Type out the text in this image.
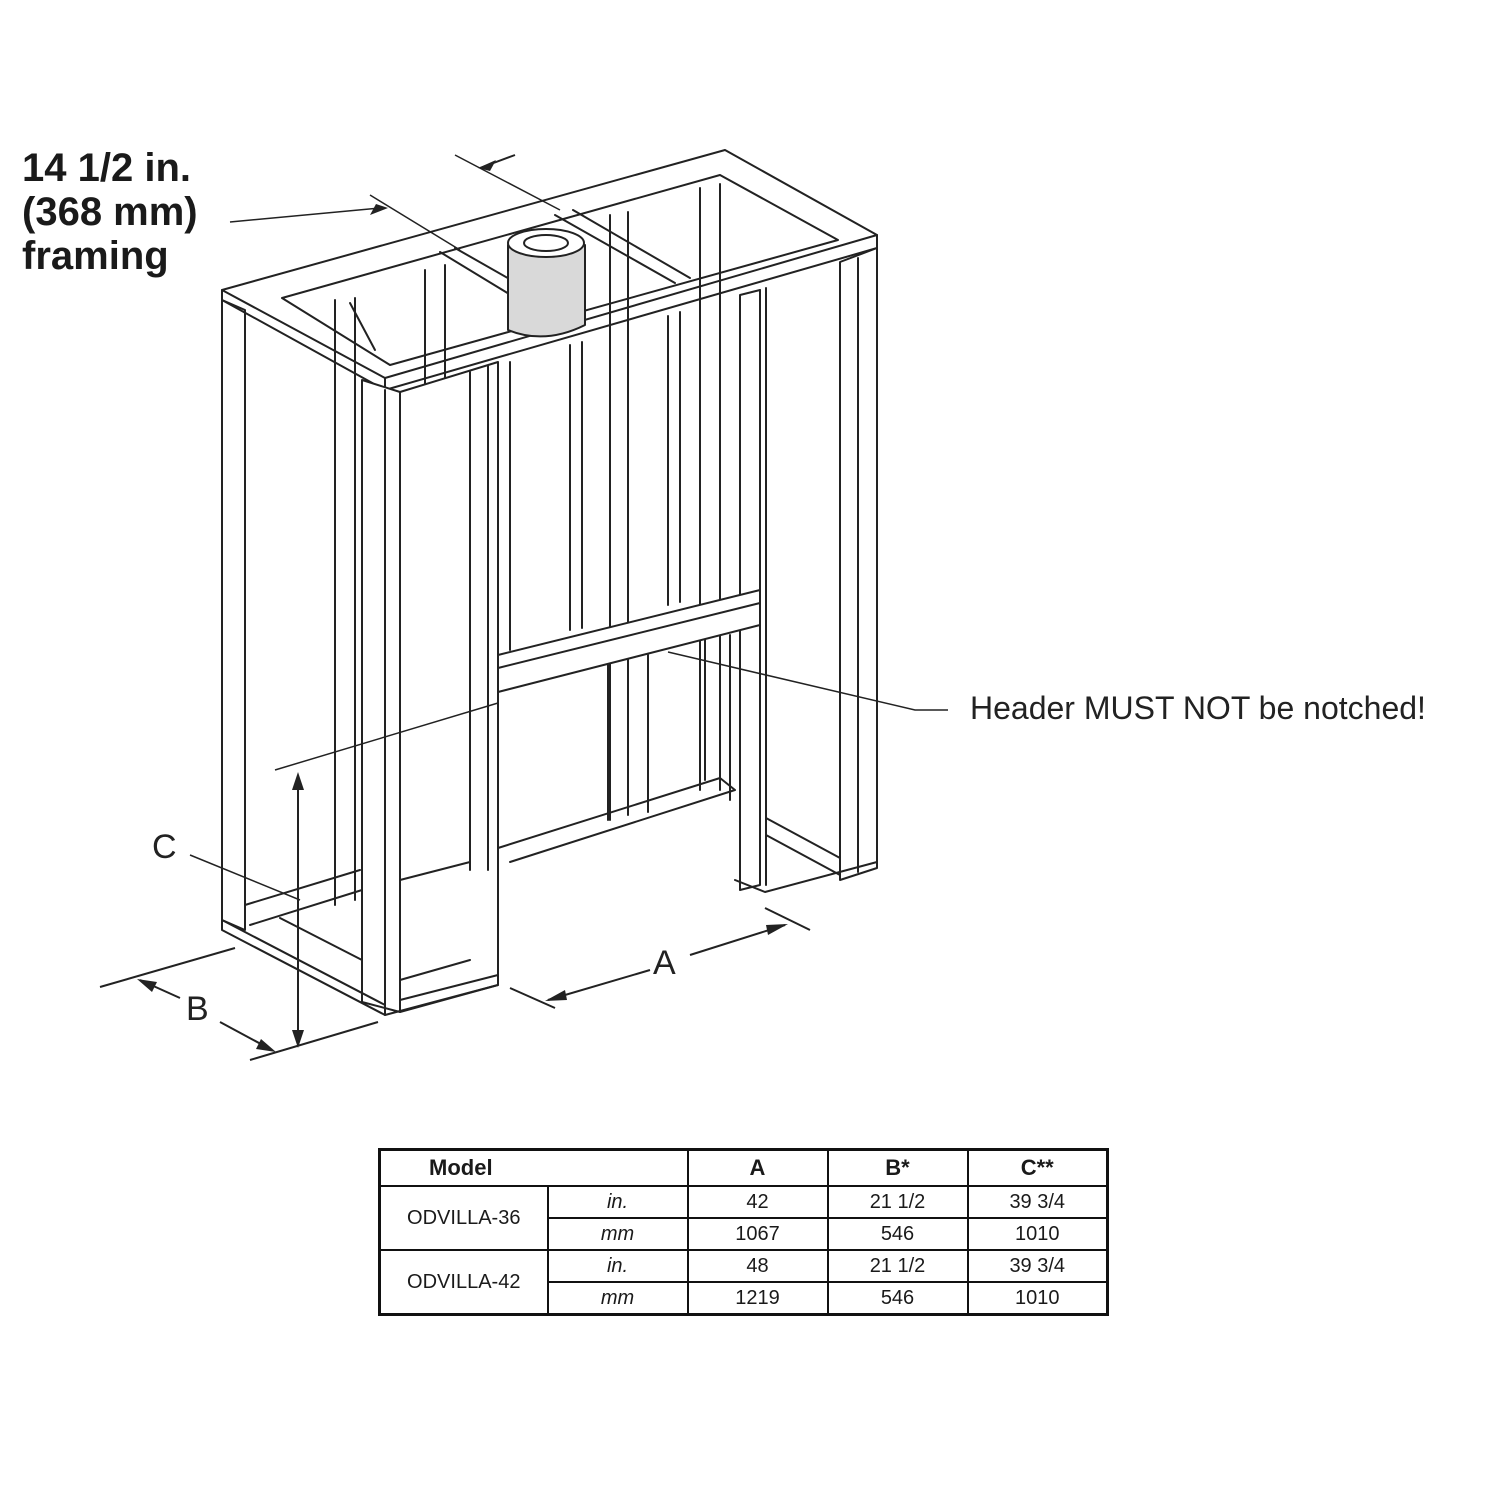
14 1/2 in.
(368 mm)
framing
Header MUST NOT be notched!
A
B
C
Model		A	B*	C**
ODVILLA-36	in.	42	21 1/2	39 3/4
	mm	1067	546	1010
ODVILLA-42	in.	48	21 1/2	39 3/4
	mm	1219	546	1010
